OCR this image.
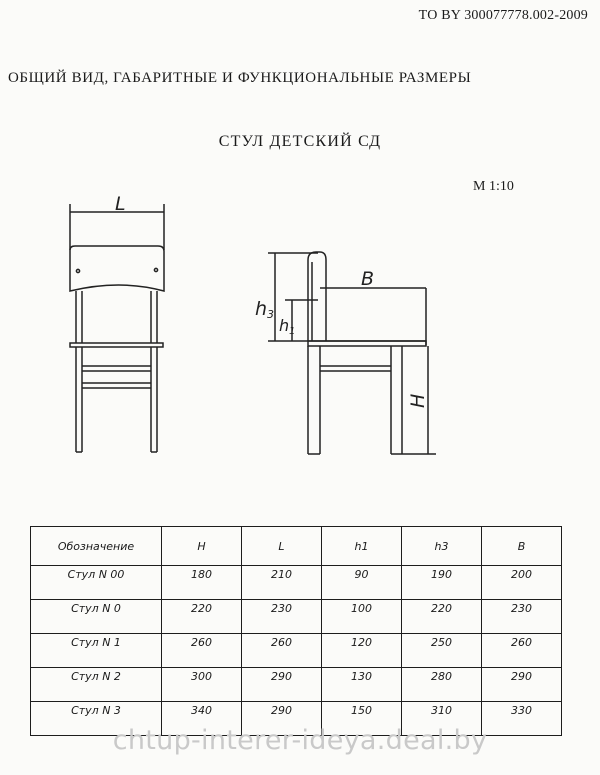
ТО BY 300077778.002-2009
ОБЩИЙ ВИД, ГАБАРИТНЫЕ И ФУНКЦИОНАЛЬНЫЕ РАЗМЕРЫ
СТУЛ ДЕТСКИЙ СД
М 1:10
L
B
h 3
h 1
H
Обозначение	H	L	h1	h3	B
Стул N 00	180	210	90	190	200
Стул N 0	220	230	100	220	230
Стул N 1	260	260	120	250	260
Стул N 2	300	290	130	280	290
Стул N 3	340	290	150	310	330
chtup-interer-ideya.deal.by
